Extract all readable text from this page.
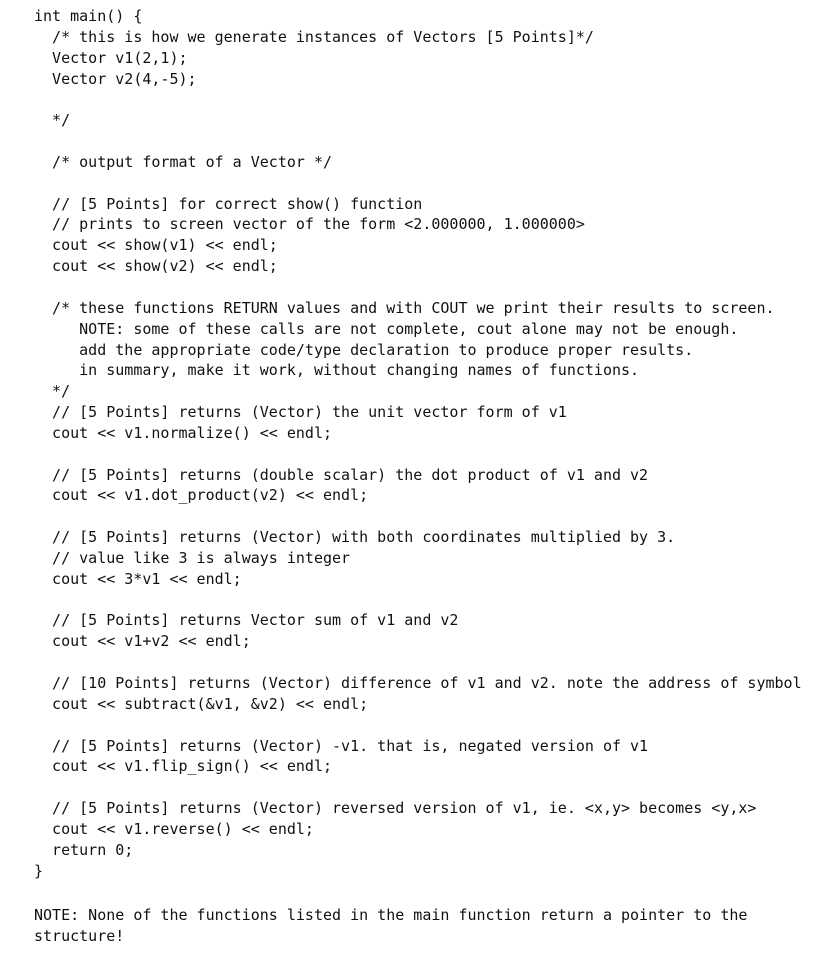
int main() {
/* this is how we generate instances of Vectors [5 Points]*/
Vector v1(2,1);
Vector v2(4,-5);
*/
/* output format of a Vector */
// [5 Points] for correct show() function
// prints to screen vector of the form <2.000000, 1.000000>
cout << show(v1) << endl;
cout << show(v2) << endl;
/* these functions RETURN values and with COUT we print their results to screen.
NOTE: some of these calls are not complete, cout alone may not be enough.
add the appropriate code/type declaration to produce proper results.
in summary, make it work, without changing names of functions.
*/
// [5 Points] returns (Vector) the unit vector form of v1
cout << v1.normalize() << endl;
// [5 Points] returns (double scalar) the dot product of v1 and v2
cout << v1.dot_product(v2) << endl;
// [5 Points] returns (Vector) with both coordinates multiplied by 3.
// value like 3 is always integer
cout << 3*v1 << endl;
// [5 Points] returns Vector sum of v1 and v2
cout << v1+v2 << endl;
// [10 Points] returns (Vector) difference of v1 and v2. note the address of symbol
cout << subtract(&v1, &v2) << endl;
// [5 Points] returns (Vector) -v1. that is, negated version of v1
cout << v1.flip_sign() << endl;
// [5 Points] returns (Vector) reversed version of v1, ie. <x,y> becomes <y,x>
cout << v1.reverse() << endl;
return 0;
}
NOTE: None of the functions listed in the main function return a pointer to the
structure!
